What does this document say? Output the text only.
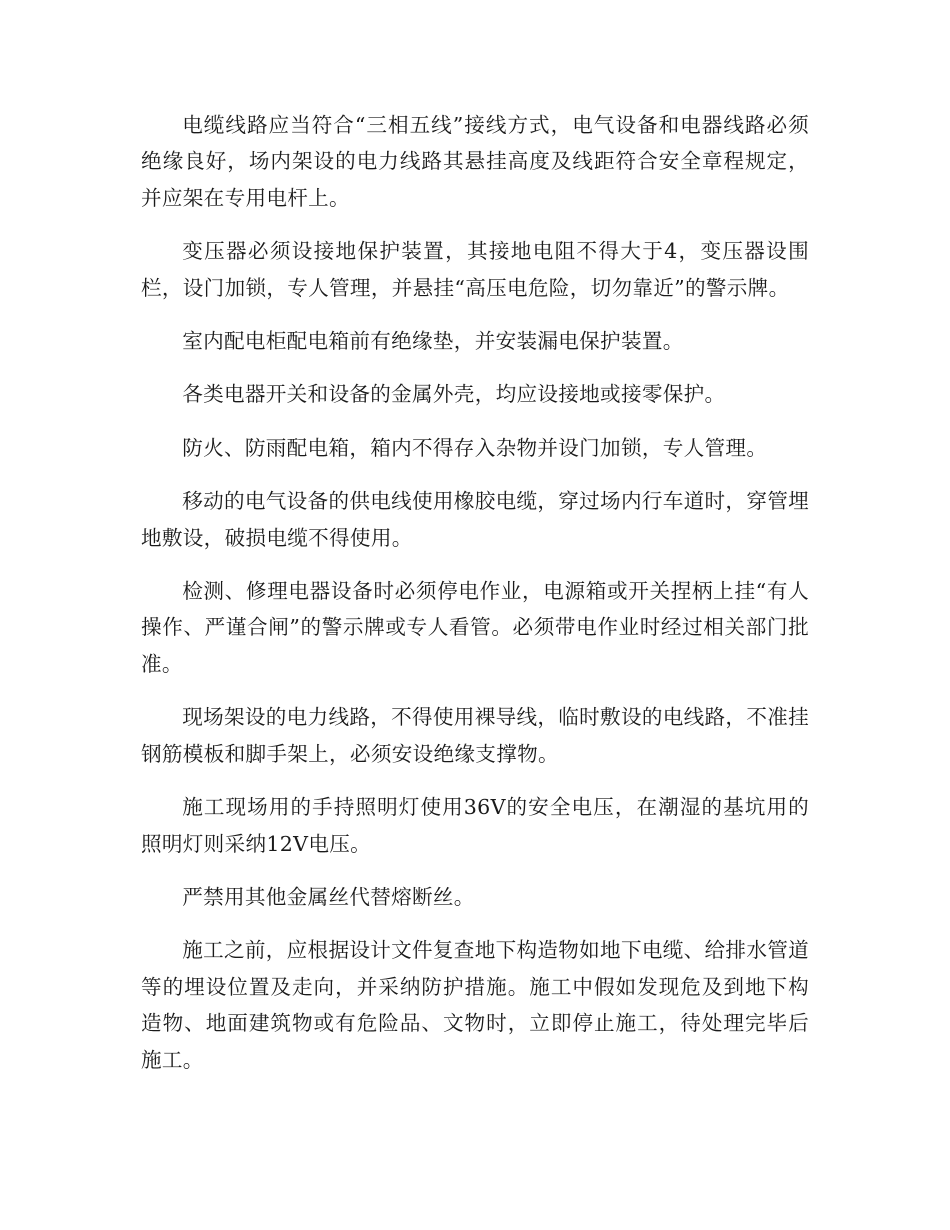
电缆线路应当符合“三相五线”接线方式，电气设备和电器线路必须绝缘良好，场内架设的电力线路其悬挂高度及线距符合安全章程规定，并应架在专用电杆上。

变压器必须设接地保护装置，其接地电阻不得大于4，变压器设围栏，设门加锁，专人管理，并悬挂“高压电危险，切勿靠近”的警示牌。

室内配电柜配电箱前有绝缘垫，并安装漏电保护装置。

各类电器开关和设备的金属外壳，均应设接地或接零保护。

防火、防雨配电箱，箱内不得存入杂物并设门加锁，专人管理。

移动的电气设备的供电线使用橡胶电缆，穿过场内行车道时，穿管埋地敷设，破损电缆不得使用。

检测、修理电器设备时必须停电作业，电源箱或开关捏柄上挂“有人操作、严谨合闸”的警示牌或专人看管。必须带电作业时经过相关部门批准。

现场架设的电力线路，不得使用裸导线，临时敷设的电线路，不准挂钢筋模板和脚手架上，必须安设绝缘支撑物。

施工现场用的手持照明灯使用36V的安全电压，在潮湿的基坑用的照明灯则采纳12V电压。

严禁用其他金属丝代替熔断丝。

施工之前，应根据设计文件复查地下构造物如地下电缆、给排水管道等的埋设位置及走向，并采纳防护措施。施工中假如发现危及到地下构造物、地面建筑物或有危险品、文物时，立即停止施工，待处理完毕后施工。
